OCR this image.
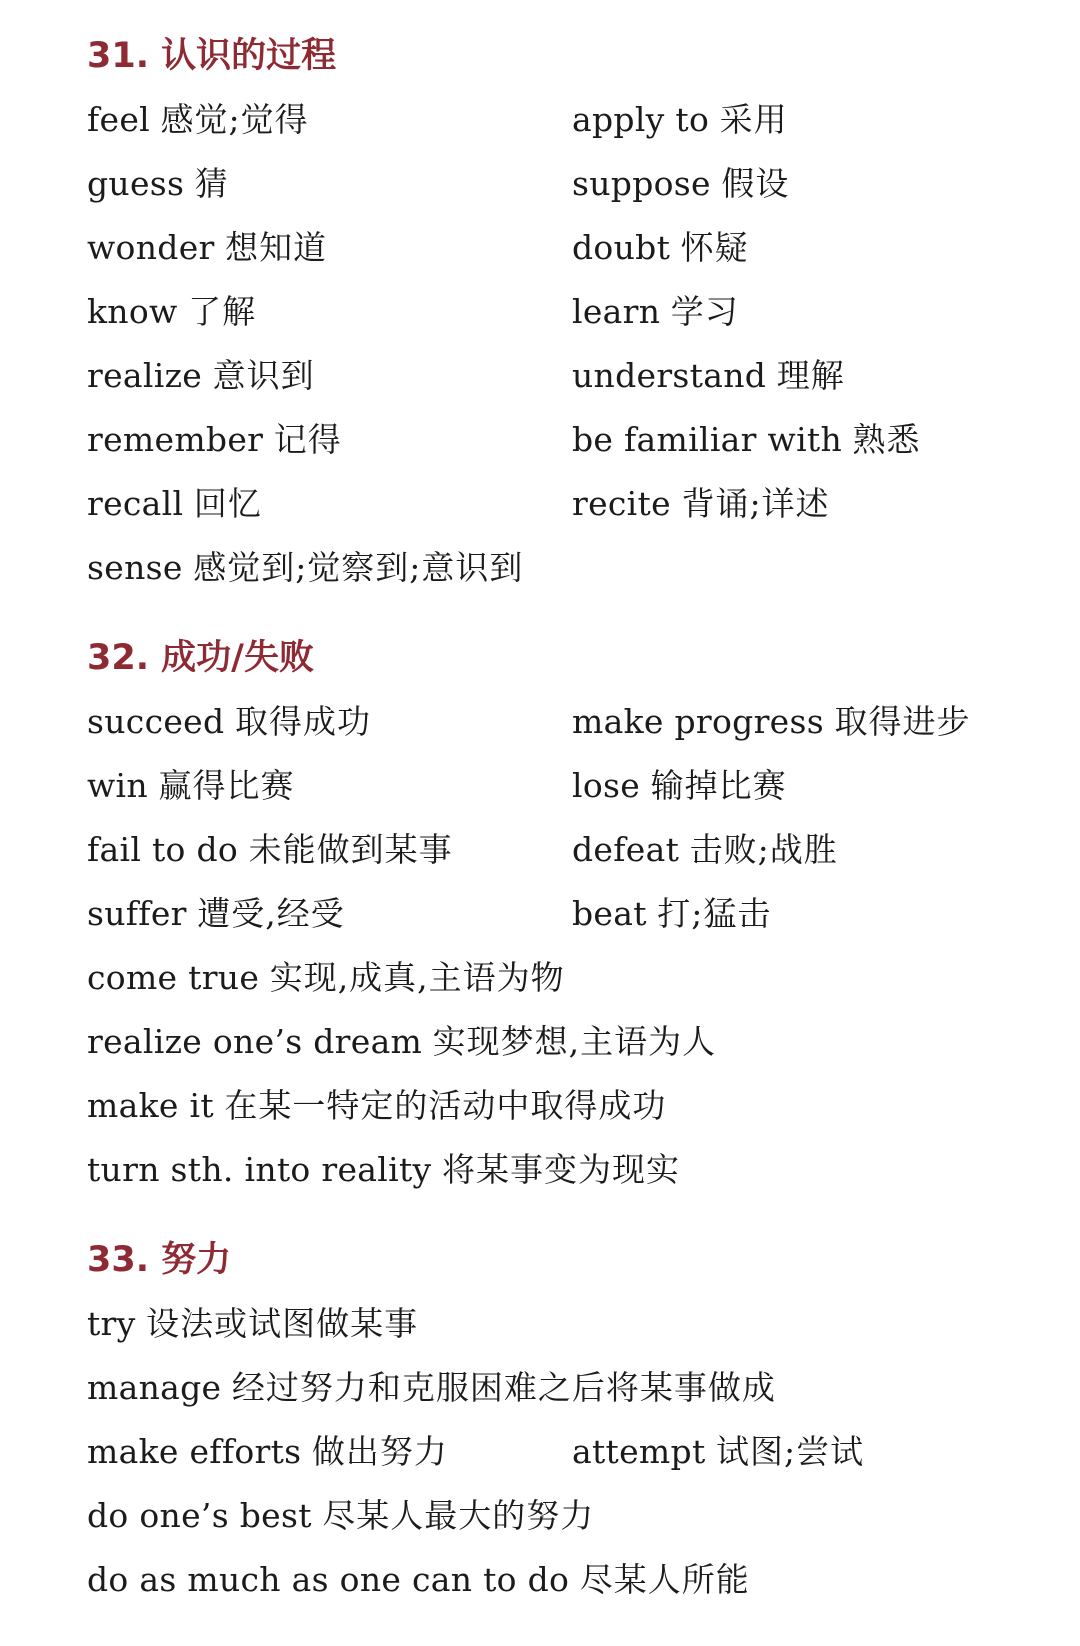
31. 认识的过程
feel 感觉;觉得	apply to 采用
guess 猜	suppose 假设
wonder 想知道	doubt 怀疑
know 了解	learn 学习
realize 意识到	understand 理解
remember 记得	be familiar with 熟悉
recall 回忆	recite 背诵;详述
sense 感觉到;觉察到;意识到
32. 成功/失败
succeed 取得成功	make progress 取得进步
win 赢得比赛	lose 输掉比赛
fail to do 未能做到某事	defeat 击败;战胜
suffer 遭受,经受	beat 打;猛击
come true 实现,成真,主语为物
realize one’s dream 实现梦想,主语为人
make it 在某一特定的活动中取得成功
turn sth. into reality 将某事变为现实
33. 努力
try 设法或试图做某事
manage 经过努力和克服困难之后将某事做成
make efforts 做出努力	attempt 试图;尝试
do one’s best 尽某人最大的努力
do as much as one can to do 尽某人所能
